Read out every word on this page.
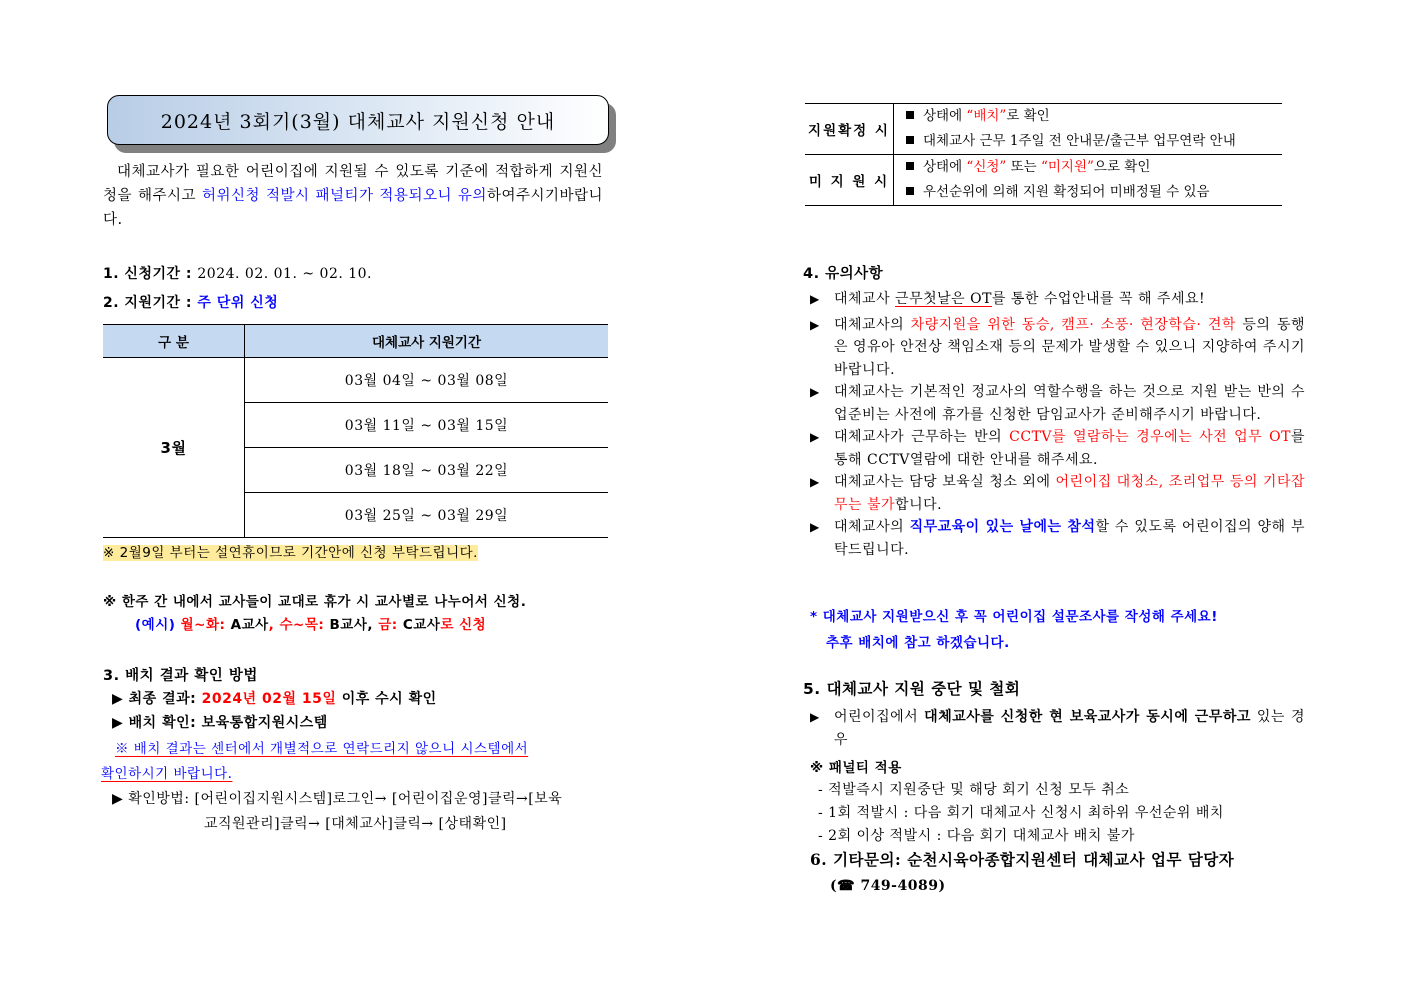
2024년 3회기(3월) 대체교사 지원신청 안내
대체교사가 필요한 어린이집에 지원될 수 있도록 기준에 적합하게 지원신청을 해주시고 허위신청 적발시 패널티가 적용되오니 유의하여주시기바랍니다.
1. 신청기간 : 2024. 02. 01. ~ 02. 10.
2. 지원기간 : 주 단위 신청
구 분	대체교사 지원기간
3월	03월 04일 ~ 03월 08일
	03월 11일 ~ 03월 15일
	03월 18일 ~ 03월 22일
	03월 25일 ~ 03월 29일
※ 2월9일 부터는 설연휴이므로 기간안에 신청 부탁드립니다.
※ 한주 간 내에서 교사들이 교대로 휴가 시 교사별로 나누어서 신청.
(예시) 월~화: A교사, 수~목: B교사, 금: C교사로 신청
3. 배치 결과 확인 방법
▶ 최종 결과: 2024년 02월 15일 이후 수시 확인
▶ 배치 확인: 보육통합지원시스템
※ 배치 결과는 센터에서 개별적으로 연락드리지 않으니 시스템에서
확인하시기 바랍니다.
▶ 확인방법: [어린이집지원시스템]로그인→ [어린이집운영]클릭→[보육
교직원관리]클릭→ [대체교사]클릭→ [상태확인]
지원확정 시	상태에 “배치”로 확인
대체교사 근무 1주일 전 안내문/출근부 업무연락 안내

미 지 원 시	상태에 “신청” 또는 “미지원”으로 확인
우선순위에 의해 지원 확정되어 미배정될 수 있음
4. 유의사항
▶ 대체교사 근무첫날은 OT를 통한 수업안내를 꼭 해 주세요!
▶ 대체교사의 차량지원을 위한 동승, 캠프· 소풍· 현장학습· 견학 등의 동행은 영유아 안전상 책임소재 등의 문제가 발생할 수 있으니 지양하여 주시기 바랍니다.
▶ 대체교사는 기본적인 정교사의 역할수행을 하는 것으로 지원 받는 반의 수업준비는 사전에 휴가를 신청한 담임교사가 준비해주시기 바랍니다.
▶ 대체교사가 근무하는 반의 CCTV를 열람하는 경우에는 사전 업무 OT를 통해 CCTV열람에 대한 안내를 해주세요.
▶ 대체교사는 담당 보육실 청소 외에 어린이집 대청소, 조리업무 등의 기타잡무는 불가합니다.
▶ 대체교사의 직무교육이 있는 날에는 참석할 수 있도록 어린이집의 양해 부탁드립니다.
* 대체교사 지원받으신 후 꼭 어린이집 설문조사를 작성해 주세요!
추후 배치에 참고 하겠습니다.
5. 대체교사 지원 중단 및 철회
▶ 어린이집에서 대체교사를 신청한 현 보육교사가 동시에 근무하고 있는 경우
※ 패널티 적용
- 적발즉시 지원중단 및 해당 회기 신청 모두 취소
- 1회 적발시 : 다음 회기 대체교사 신청시 최하위 우선순위 배치
- 2회 이상 적발시 : 다음 회기 대체교사 배치 불가
6. 기타문의: 순천시육아종합지원센터 대체교사 업무 담당자
(☎ 749-4089)
